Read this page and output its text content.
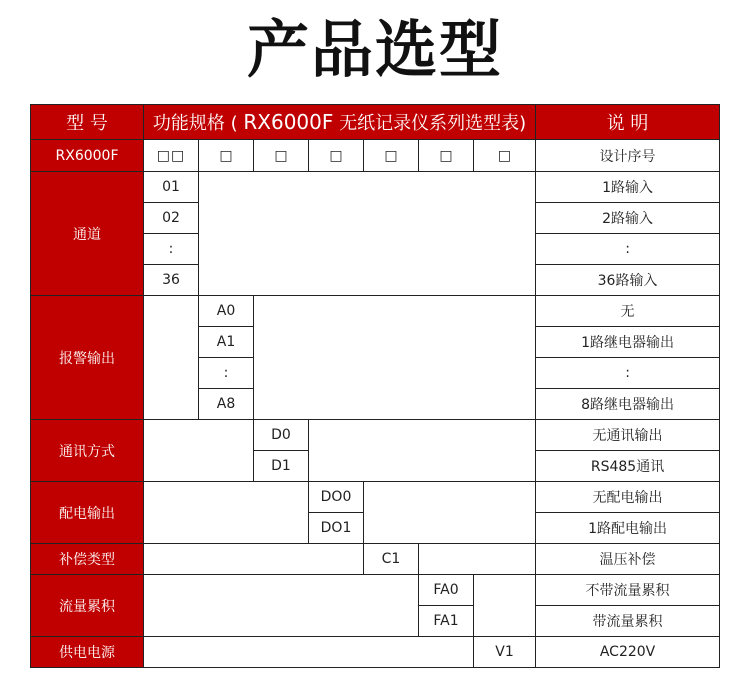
产品选型
型 号	功能规格 ( RX6000F 无纸记录仪系列选型表)							说 明
RX6000F	□□	□	□	□	□	□	□	设计序号
通道	01							1路输入
	02							2路输入
	:							:
	36							36路输入
报警输出		A0						无
		A1						1路继电器输出
		:						:
		A8						8路继电器输出
通讯方式			D0					无通讯输出
			D1					RS485通讯
配电输出				DO0				无配电输出
				DO1				1路配电输出
补偿类型					C1			温压补偿
流量累积						FA0		不带流量累积
						FA1		带流量累积
供电电源							V1	AC220V
